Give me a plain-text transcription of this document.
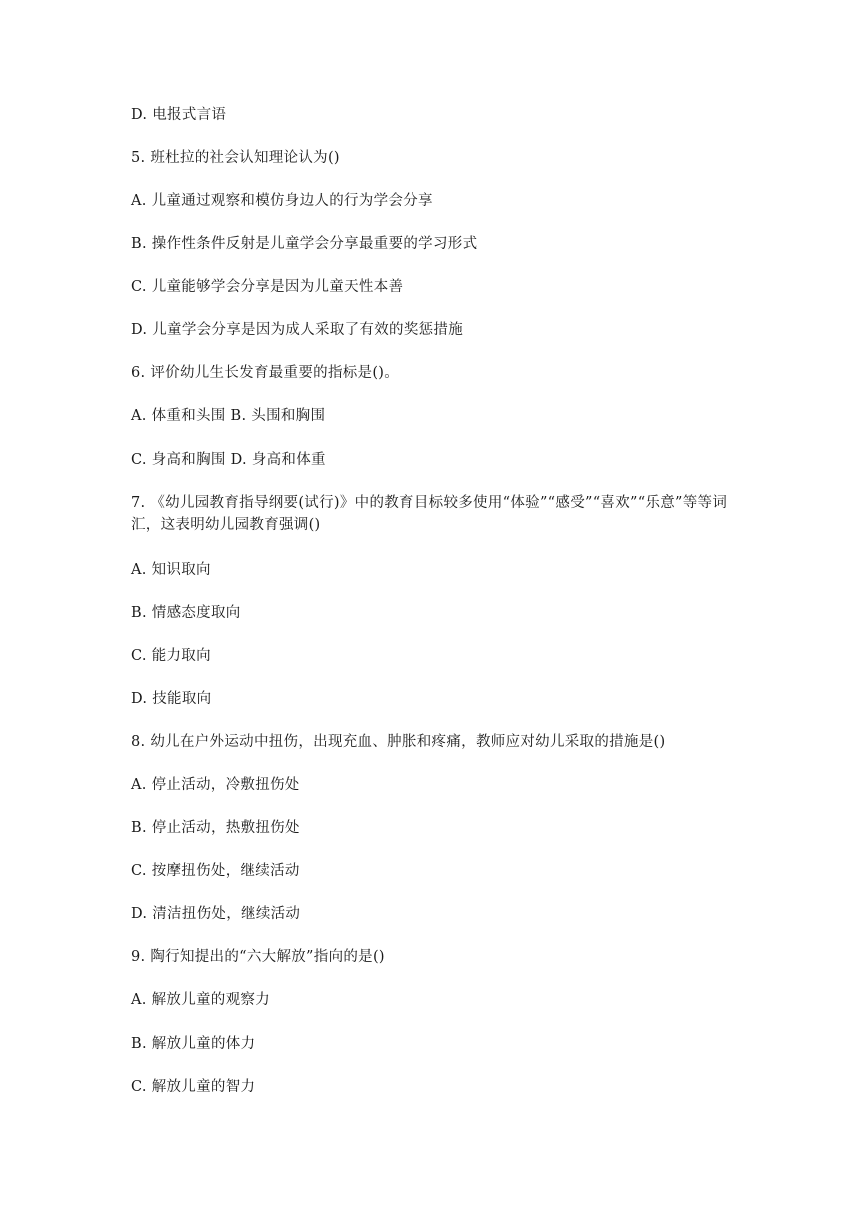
D. 电报式言语
5. 班杜拉的社会认知理论认为()
A. 儿童通过观察和模仿身边人的行为学会分享
B. 操作性条件反射是儿童学会分享最重要的学习形式
C. 儿童能够学会分享是因为儿童天性本善
D. 儿童学会分享是因为成人采取了有效的奖惩措施
6. 评价幼儿生长发育最重要的指标是()。
A. 体重和头围 B. 头围和胸围
C. 身高和胸围 D. 身高和体重
7. 《幼儿园教育指导纲要(试行)》中的教育目标较多使用“体验”“感受”“喜欢”“乐意”等等词汇，这表明幼儿园教育强调()
A. 知识取向
B. 情感态度取向
C. 能力取向
D. 技能取向
8. 幼儿在户外运动中扭伤，出现充血、肿胀和疼痛，教师应对幼儿采取的措施是()
A. 停止活动，冷敷扭伤处
B. 停止活动，热敷扭伤处
C. 按摩扭伤处，继续活动
D. 清洁扭伤处，继续活动
9. 陶行知提出的“六大解放”指向的是()
A. 解放儿童的观察力
B. 解放儿童的体力
C. 解放儿童的智力
